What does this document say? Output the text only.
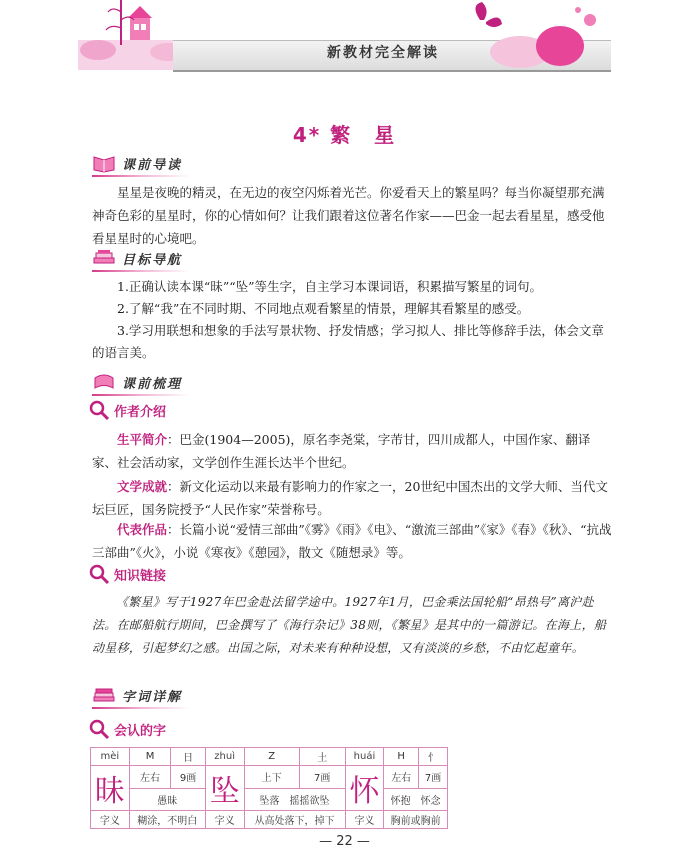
新教材完全解读
4* 繁　星
课前导读
星星是夜晚的精灵，在无边的夜空闪烁着光芒。你爱看天上的繁星吗？每当你凝望那充满神奇色彩的星星时，你的心情如何？让我们跟着这位著名作家——巴金一起去看星星，感受他看星星时的心境吧。
目标导航
1.正确认读本课“昧”“坠”等生字，自主学习本课词语，积累描写繁星的词句。
2.了解“我”在不同时期、不同地点观看繁星的情景，理解其看繁星的感受。
3.学习用联想和想象的手法写景状物、抒发情感；学习拟人、排比等修辞手法，体会文章的语言美。
课前梳理
作者介绍
生平简介：巴金(1904—2005)，原名李尧棠，字芾甘，四川成都人，中国作家、翻译家、社会活动家，文学创作生涯长达半个世纪。
文学成就：新文化运动以来最有影响力的作家之一，20世纪中国杰出的文学大师、当代文坛巨匠，国务院授予“人民作家”荣誉称号。
代表作品：长篇小说“爱情三部曲”《雾》《雨》《电》、“激流三部曲”《家》《春》《秋》、“抗战三部曲”《火》，小说《寒夜》《憩园》，散文《随想录》等。
知识链接
《繁星》写于1927年巴金赴法留学途中。1927年1月，巴金乘法国轮船“昂热号”离沪赴法。在邮船航行期间，巴金撰写了《海行杂记》38则，《繁星》是其中的一篇游记。在海上，船动星移，引起梦幻之感。出国之际，对未来有种种设想，又有淡淡的乡愁，不由忆起童年。
字词详解
会认的字
mèi	M	日	zhuì	Z	土	huái	H	忄
昧	左右	9画	坠	上下	7画	怀	左右	7画
	愚昧			坠落　摇摇欲坠			怀抱　怀念	
字义	糊涂，不明白		字义	从高处落下，掉下		字义	胸前或胸前	
— 22 —
